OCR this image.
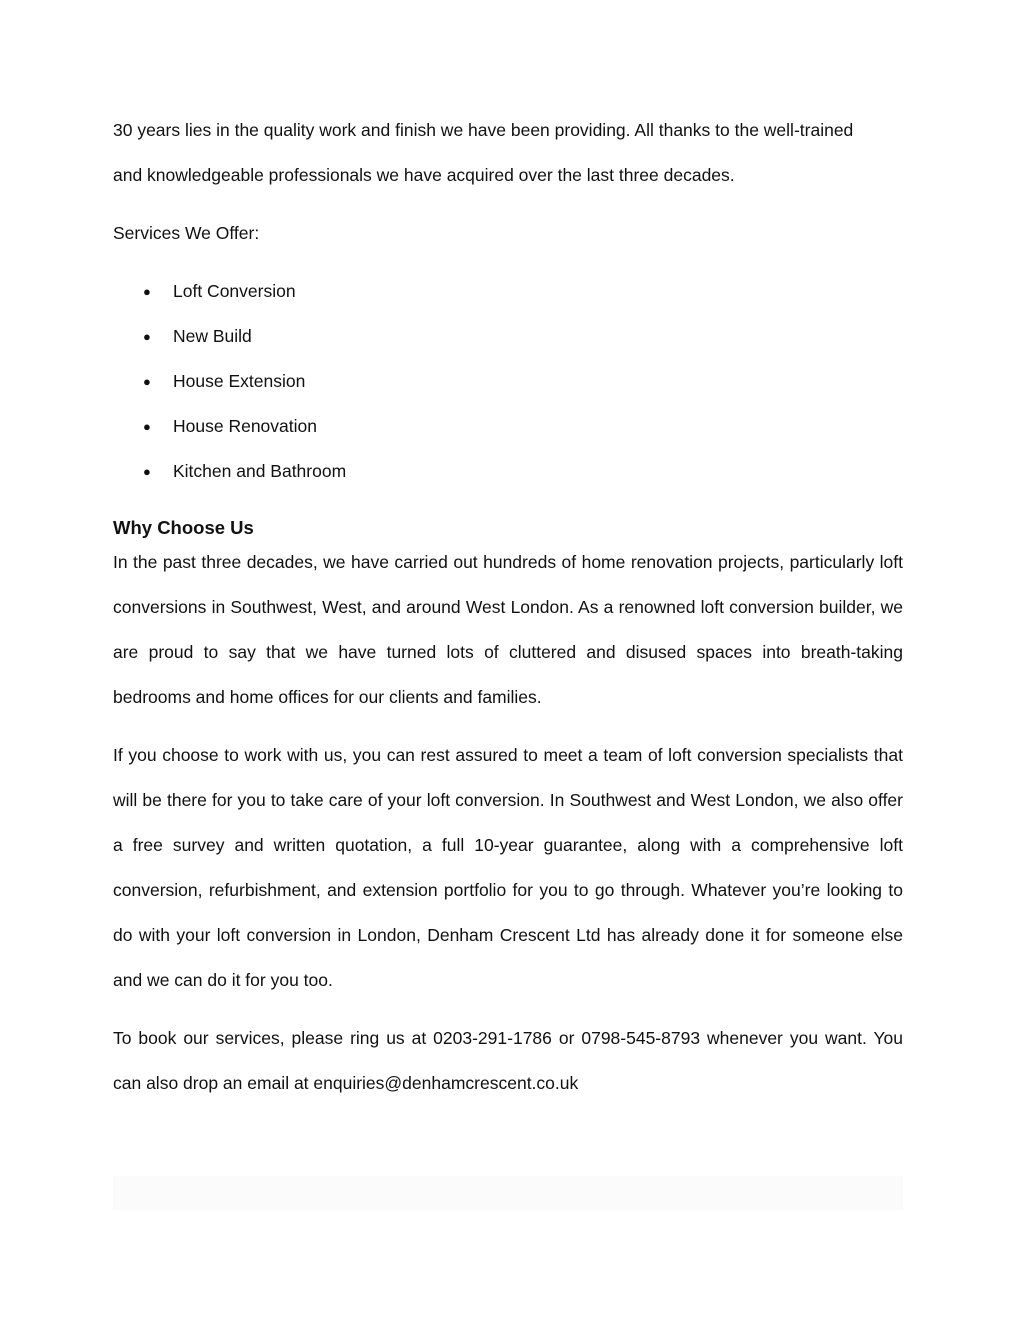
30 years lies in the quality work and finish we have been providing. All thanks to the well-trained

and knowledgeable professionals we have acquired over the last three decades.

Services We Offer:

● Loft Conversion
● New Build
● House Extension
● House Renovation
● Kitchen and Bathroom
Why Choose Us

In the past three decades, we have carried out hundreds of home renovation projects, particularly loft conversions in Southwest, West, and around West London. As a renowned loft conversion builder, we are proud to say that we have turned lots of cluttered and disused spaces into breath-taking bedrooms and home offices for our clients and families.

If you choose to work with us, you can rest assured to meet a team of loft conversion specialists that will be there for you to take care of your loft conversion. In Southwest and West London, we also offer a free survey and written quotation, a full 10-year guarantee, along with a comprehensive loft conversion, refurbishment, and extension portfolio for you to go through. Whatever you’re looking to do with your loft conversion in London, Denham Crescent Ltd has already done it for someone else and we can do it for you too.

To book our services, please ring us at 0203-291-1786 or 0798-545-8793 whenever you want. You can also drop an email at enquiries@denhamcrescent.co.uk
